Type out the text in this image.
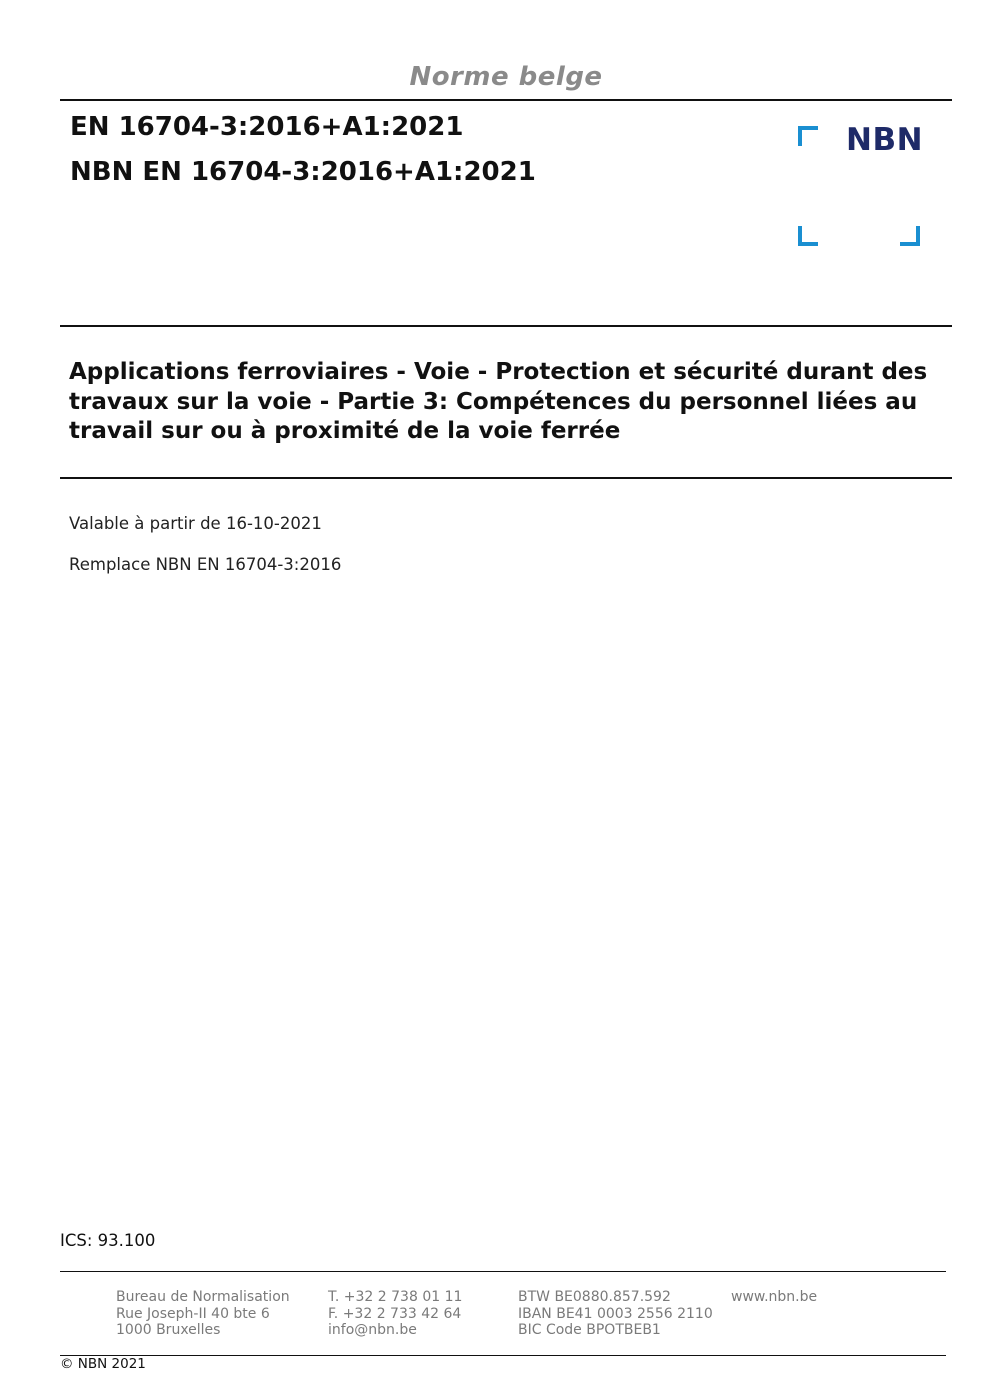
Norme belge
EN 16704-3:2016+A1:2021
NBN EN 16704-3:2016+A1:2021
NBN
Applications ferroviaires - Voie - Protection et sécurité durant des travaux sur la voie - Partie 3: Compétences du personnel liées au travail sur ou à proximité de la voie ferrée
Valable à partir de 16-10-2021
Remplace NBN EN 16704-3:2016
ICS: 93.100
Bureau de Normalisation
Rue Joseph-II 40 bte 6
1000 Bruxelles
T. +32 2 738 01 11
F. +32 2 733 42 64
info@nbn.be
BTW BE0880.857.592
IBAN BE41 0003 2556 2110
BIC Code BPOTBEB1
www.nbn.be
© NBN 2021
